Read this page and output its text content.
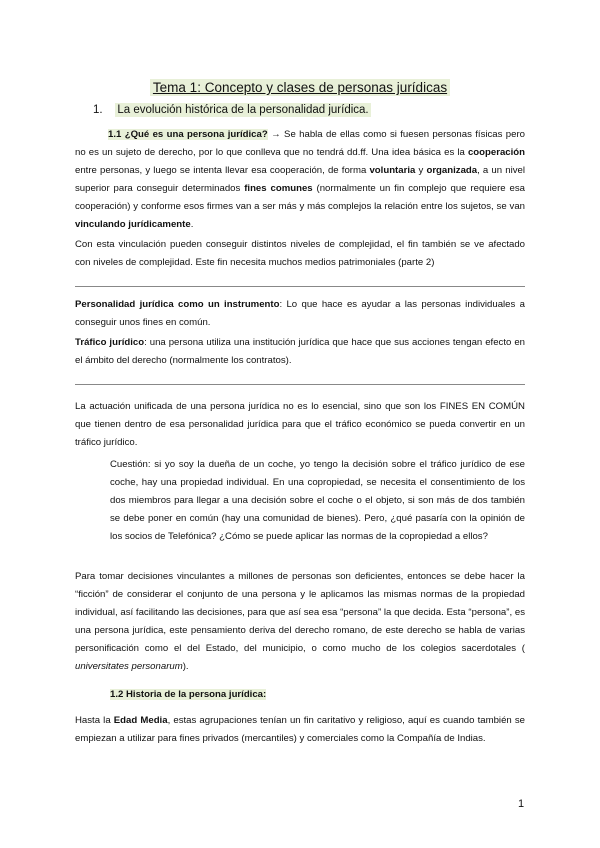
Tema 1: Concepto y clases de personas jurídicas
1. La evolución histórica de la personalidad jurídica.

1.1 ¿Qué es una persona jurídica? → Se habla de ellas como si fuesen personas físicas pero no es un sujeto de derecho, por lo que conlleva que no tendrá dd.ff. Una idea básica es la cooperación entre personas, y luego se intenta llevar esa cooperación, de forma voluntaria y organizada, a un nivel superior para conseguir determinados fines comunes (normalmente un fin complejo que requiere esa cooperación) y conforme esos firmes van a ser más y más complejos la relación entre los sujetos, se van vinculando jurídicamente.

Con esta vinculación pueden conseguir distintos niveles de complejidad, el fin también se ve afectado con niveles de complejidad. Este fin necesita muchos medios patrimoniales (parte 2)

Personalidad jurídica como un instrumento: Lo que hace es ayudar a las personas individuales a conseguir unos fines en común.

Tráfico jurídico: una persona utiliza una institución jurídica que hace que sus acciones tengan efecto en el ámbito del derecho (normalmente los contratos).

La actuación unificada de una persona jurídica no es lo esencial, sino que son los FINES EN COMÚN que tienen dentro de esa personalidad jurídica para que el tráfico económico se pueda convertir en un tráfico jurídico.

Cuestión: si yo soy la dueña de un coche, yo tengo la decisión sobre el tráfico jurídico de ese coche, hay una propiedad individual. En una copropiedad, se necesita el consentimiento de los dos miembros para llegar a una decisión sobre el coche o el objeto, si son más de dos también se debe poner en común (hay una comunidad de bienes). Pero, ¿qué pasaría con la opinión de los socios de Telefónica? ¿Cómo se puede aplicar las normas de la copropiedad a ellos?

Para tomar decisiones vinculantes a millones de personas son deficientes, entonces se debe hacer la “ficción” de considerar el conjunto de una persona y le aplicamos las mismas normas de la propiedad individual, así facilitando las decisiones, para que así sea esa “persona” la que decida. Esta “persona”, es una persona jurídica, este pensamiento deriva del derecho romano, de este derecho se habla de varias personificación como el del Estado, del municipio, o como mucho de los colegios sacerdotales ( universitates personarum).

1.2 Historia de la persona jurídica:

Hasta la Edad Media, estas agrupaciones tenían un fin caritativo y religioso, aquí es cuando también se empiezan a utilizar para fines privados (mercantiles) y comerciales como la Compañía de Indias.

1
